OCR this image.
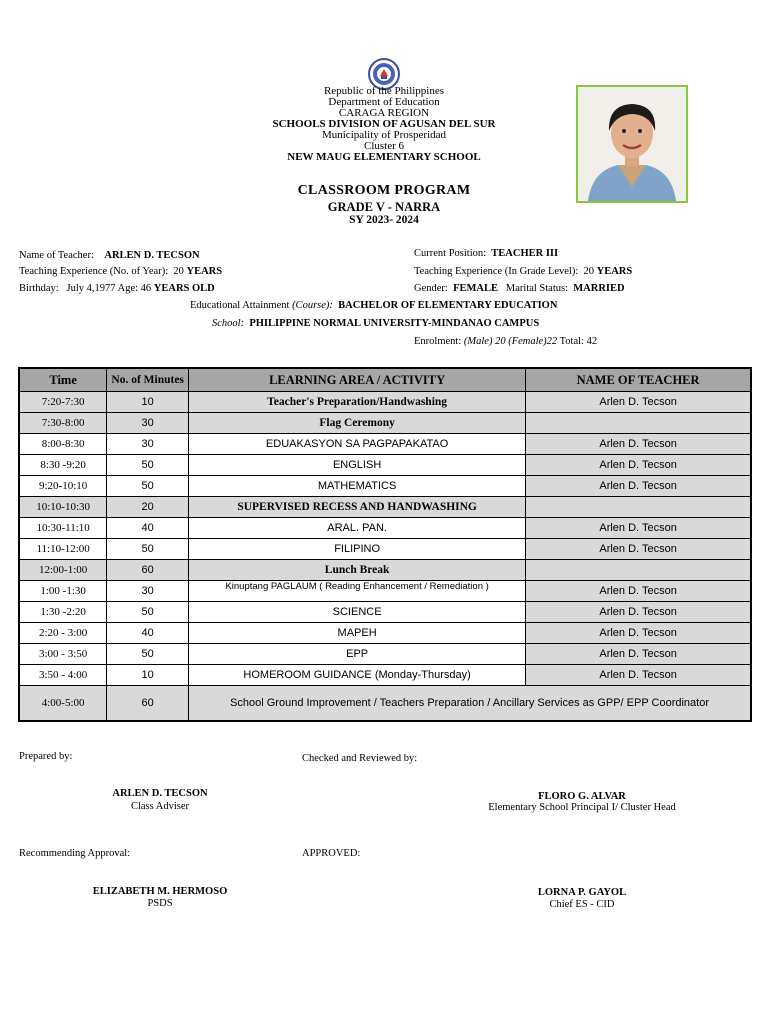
Republic of the Philippines
Department of Education
CARAGA REGION
SCHOOLS DIVISION OF AGUSAN DEL SUR
Municipality of Prosperidad
Cluster 6
NEW MAUG ELEMENTARY SCHOOL
CLASSROOM PROGRAM
GRADE V - NARRA
SY 2023- 2024
Name of Teacher: ARLEN D. TECSON
Teaching Experience (No. of Year): 20 YEARS
Birthday: July 4,1977 Age: 46 YEARS OLD
Current Position: TEACHER III
Teaching Experience (In Grade Level): 20 YEARS
Gender: FEMALE Marital Status: MARRIED
Educational Attainment (Course): BACHELOR OF ELEMENTARY EDUCATION
School: PHILIPPINE NORMAL UNIVERSITY-MINDANAO CAMPUS
Enrolment: (Male) 20 (Female)22 Total: 42
Time	No. of Minutes	LEARNING AREA / ACTIVITY	NAME OF TEACHER
7:20-7:30	10	Teacher's Preparation/Handwashing	Arlen D. Tecson
7:30-8:00	30	Flag Ceremony	
8:00-8:30	30	EDUAKASYON SA PAGPAPAKATAO	Arlen D. Tecson
8:30 -9:20	50	ENGLISH	Arlen D. Tecson
9:20-10:10	50	MATHEMATICS	Arlen D. Tecson
10:10-10:30	20	SUPERVISED RECESS AND HANDWASHING	
10:30-11:10	40	ARAL. PAN.	Arlen D. Tecson
11:10-12:00	50	FILIPINO	Arlen D. Tecson
12:00-1:00	60	Lunch Break	
1:00 -1:30	30	Kinuptang PAGLAUM ( Reading Enhancement / Remediation )	Arlen D. Tecson
1:30 -2:20	50	SCIENCE	Arlen D. Tecson
2:20 - 3:00	40	MAPEH	Arlen D. Tecson
3:00 - 3:50	50	EPP	Arlen D. Tecson
3:50 - 4:00	10	HOMEROOM GUIDANCE (Monday-Thursday)	Arlen D. Tecson
4:00-5:00	60	School Ground Improvement / Teachers Preparation / Ancillary Services as GPP/ EPP Coordinator	
Prepared by:
ARLEN D. TECSON
Class Adviser
Checked and Reviewed by:
FLORO G. ALVAR
Elementary School Principal I/ Cluster Head
Recommending Approval:
ELIZABETH M. HERMOSO
PSDS
APPROVED:
LORNA P. GAYOL
Chief ES - CID
